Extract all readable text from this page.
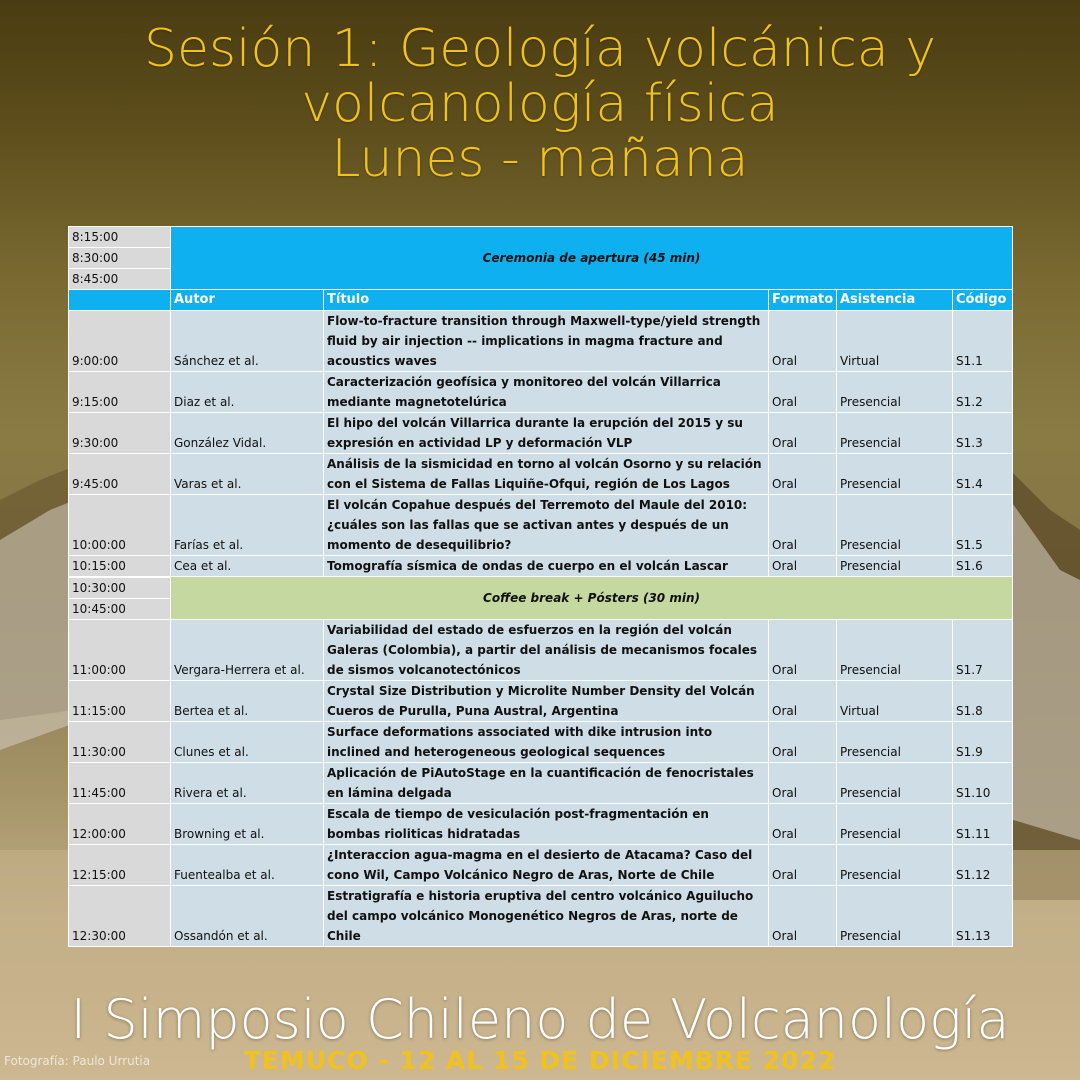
Sesión 1: Geología volcánica y
volcanología física
Lunes - mañana
8:15:00	Ceremonia de apertura (45 min)				
8:30:00					
8:45:00					
	Autor	Título	Formato	Asistencia	Código
9:00:00	Sánchez et al.	Flow-to-fracture transition through Maxwell-type/yield strength fluid by air injection -- implications in magma fracture and acoustics waves	Oral	Virtual	S1.1
9:15:00	Diaz et al.	Caracterización geofísica y monitoreo del volcán Villarrica mediante magnetotelúrica	Oral	Presencial	S1.2
9:30:00	González Vidal.	El hipo del volcán Villarrica durante la erupción del 2015 y su expresión en actividad LP y deformación VLP	Oral	Presencial	S1.3
9:45:00	Varas et al.	Análisis de la sismicidad en torno al volcán Osorno y su relación con el Sistema de Fallas Liquiñe-Ofqui, región de Los Lagos	Oral	Presencial	S1.4
10:00:00	Farías et al.	El volcán Copahue después del Terremoto del Maule del 2010: ¿cuáles son las fallas que se activan antes y después de un momento de desequilibrio?	Oral	Presencial	S1.5
10:15:00	Cea et al.	Tomografía sísmica de ondas de cuerpo en el volcán Lascar	Oral	Presencial	S1.6
	Coffee break + Pósters (30 min)				
10:30:00					
10:45:00					
11:00:00	Vergara-Herrera et al.	Variabilidad del estado de esfuerzos en la región del volcán Galeras (Colombia), a partir del análisis de mecanismos focales de sismos volcanotectónicos	Oral	Presencial	S1.7
11:15:00	Bertea et al.	Crystal Size Distribution y Microlite Number Density del Volcán Cueros de Purulla, Puna Austral, Argentina	Oral	Virtual	S1.8
11:30:00	Clunes et al.	Surface deformations associated with dike intrusion into inclined and heterogeneous geological sequences	Oral	Presencial	S1.9
11:45:00	Rivera et al.	Aplicación de PiAutoStage en la cuantificación de fenocristales en lámina delgada	Oral	Presencial	S1.10
12:00:00	Browning et al.	Escala de tiempo de vesiculación post-fragmentación en bombas rioliticas hidratadas	Oral	Presencial	S1.11
12:15:00	Fuentealba et al.	¿Interaccion agua-magma en el desierto de Atacama? Caso del cono Wil, Campo Volcánico Negro de Aras, Norte de Chile	Oral	Presencial	S1.12
12:30:00	Ossandón et al.	Estratigrafía e historia eruptiva del centro volcánico Aguilucho del campo volcánico Monogenético Negros de Aras, norte de Chile	Oral	Presencial	S1.13
I Simposio Chileno de Volcanología
Fotografía: Paulo Urrutia	TEMUCO - 12 AL 15 DE DICIEMBRE 2022
